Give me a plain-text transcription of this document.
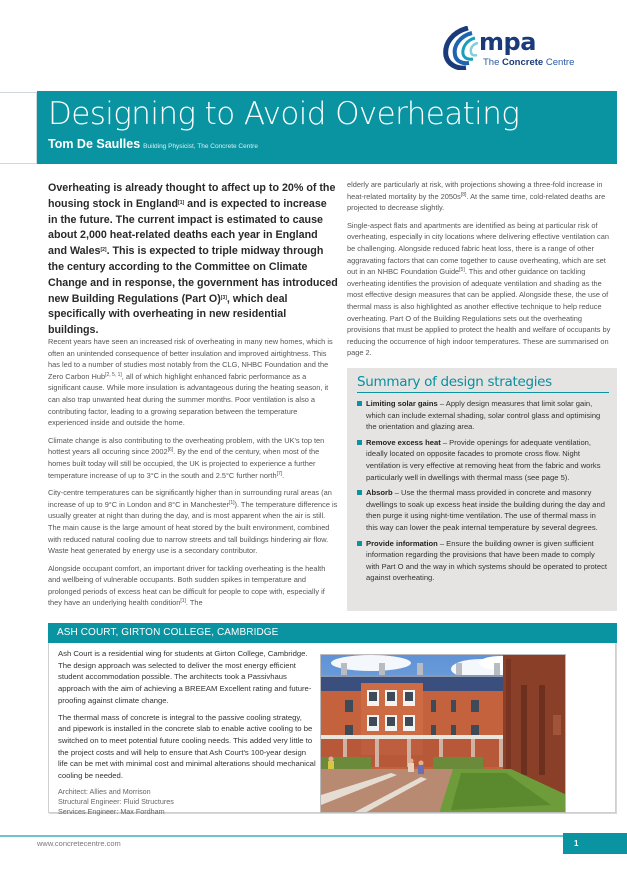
mpa
The Concrete Centre
Designing to Avoid Overheating
Tom De Saulles Building Physicist, The Concrete Centre
Overheating is already thought to affect up to 20% of the housing stock in England[1] and is expected to increase in the future. The current impact is estimated to cause about 2,000 heat-related deaths each year in England and Wales[2]. This is expected to triple midway through the century according to the Committee on Climate Change and in response, the government has introduced new Building Regulations (Part O)[3], which deal specifically with overheating in new residential buildings.

Recent years have seen an increased risk of overheating in many new homes, which is often an unintended consequence of better insulation and improved airtightness. This has led to a number of studies most notably from the CLG, NHBC Foundation and the Zero Carbon Hub[2, 5, 1], all of which highlight enhanced fabric performance as a significant cause. While more insulation is advantageous during the heating season, it can also trap unwanted heat during the summer months. Poor ventilation is also a contributing factor, leading to a growing separation between the temperature experienced inside and outside the home.

Climate change is also contributing to the overheating problem, with the UK's top ten hottest years all occuring since 2002[6]. By the end of the century, when most of the homes built today will still be occupied, the UK is projected to experience a further temperature increase of up to 3°C in the south and 2.5°C further north[7].

City-centre temperatures can be significantly higher than in surrounding rural areas (an increase of up to 9°C in London and 8°C in Manchester[1]). The temperature difference is usually greater at night than during the day, and is most apparent when the air is still. The main cause is the large amount of heat stored by the built environment, combined with reduced natural cooling due to narrow streets and tall buildings hindering air flow. Waste heat generated by energy use is a secondary contributor.

Alongside occupant comfort, an important driver for tackling overheating is the health and wellbeing of vulnerable occupants. Both sudden spikes in temperature and prolonged periods of excess heat can be difficult for people to cope with, especially if they have an underlying health condition[1]. The

elderly are particularly at risk, with projections showing a three-fold increase in heat-related mortality by the 2050s[8]. At the same time, cold-related deaths are projected to decrease slightly.

Single-aspect flats and apartments are identified as being at particular risk of overheating, especially in city locations where delivering effective ventilation can be challenging. Alongside reduced fabric heat loss, there is a range of other aggravating factors that can come together to cause overheating, which are set out in an NHBC Foundation Guide[5]. This and other guidance on tackling overheating identifies the provision of adequate ventilation and shading as the most effective design measures that can be applied. Alongside these, the use of thermal mass is also highlighted as another effective technique to help reduce overheating. Part O of the Building Regulations sets out the overheating provisions that must be applied to protect the health and welfare of occupants by reducing the occurrence of high indoor temperatures. These are summarised on page 2.

Summary of design strategies
Limiting solar gains – Apply design measures that limit solar gain, which can include external shading, solar control glass and optimising the orientation and glazing area.
Remove excess heat – Provide openings for adequate ventilation, ideally located on opposite facades to promote cross flow. Night ventilation is very effective at removing heat from the fabric and works particularly well in dwellings with thermal mass (see page 5).
Absorb – Use the thermal mass provided in concrete and masonry dwellings to soak up excess heat inside the building during the day and then purge it using night-time ventilation. The use of thermal mass in this way can lower the peak internal temperature by several degrees.
Provide information – Ensure the building owner is given sufficient information regarding the provisions that have been made to comply with Part O and the way in which systems should be operated to protect against overheating.
ASH COURT, GIRTON COLLEGE, CAMBRIDGE

Ash Court is a residential wing for students at Girton College, Cambridge. The design approach was selected to deliver the most energy efficient student accommodation possible. The architects took a Passivhaus approach with the aim of achieving a BREEAM Excellent rating and future-proofing against climate change.

The thermal mass of concrete is integral to the passive cooling strategy, and pipework is installed in the concrete slab to enable active cooling to be switched on to meet potential future cooling needs. This added very little to the project costs and will help to ensure that Ash Court's 100-year design life can be met with minimal cost and minimal alterations should mechanical cooling be needed.

Architect: Allies and Morrison
Structural Engineer: Fluid Structures
Services Engineer: Max Fordham
www.concretecentre.com	1
